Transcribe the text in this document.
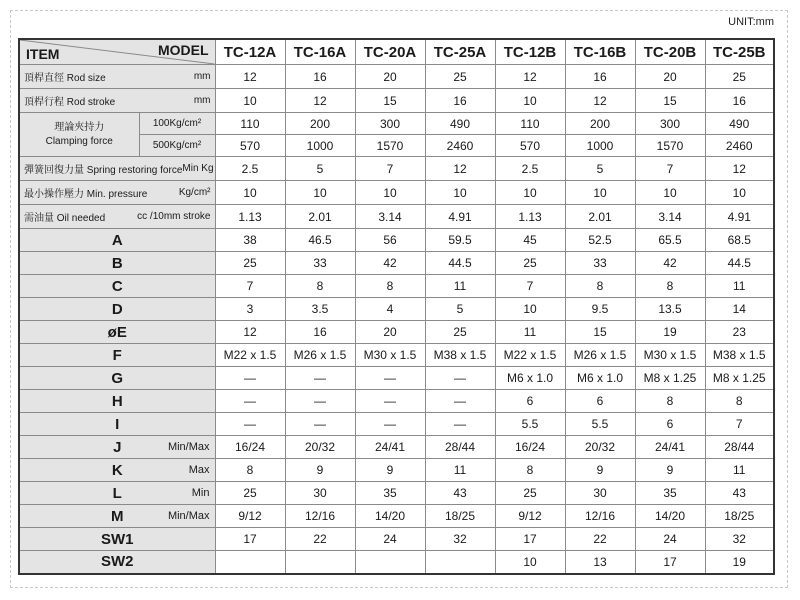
UNIT:mm
ITEM MODEL		TC-12A	TC-16A	TC-20A	TC-25A	TC-12B	TC-16B	TC-20B	TC-25B

頂桿直徑 Rod size mm		12	16	20	25	12	16	20	25

頂桿行程 Rod stroke mm		10	12	15	16	10	12	15	16

理論夾持力
Clamping force	100Kg/cm²	110	200	300	490	110	200	300	490
	500Kg/cm²	570	1000	1570	2460	570	1000	1570	2460

彈簧回復力量 Spring restoring force Min Kg		2.5	5	7	12	2.5	5	7	12

最小操作壓力 Min. pressure Kg/cm²		10	10	10	10	10	10	10	10

需油量 Oil needed cc /10mm stroke		1.13	2.01	3.14	4.91	1.13	2.01	3.14	4.91

A		38	46.5	56	59.5	45	52.5	65.5	68.5

B		25	33	42	44.5	25	33	42	44.5

C		7	8	8	11	7	8	8	11

D		3	3.5	4	5	10	9.5	13.5	14

øE		12	16	20	25	11	15	19	23

F		M22 x 1.5	M26 x 1.5	M30 x 1.5	M38 x 1.5	M22 x 1.5	M26 x 1.5	M30 x 1.5	M38 x 1.5

G		—	—	—	—	M6 x 1.0	M6 x 1.0	M8 x 1.25	M8 x 1.25

H		—	—	—	—	6	6	8	8

I		—	—	—	—	5.5	5.5	6	7

J Min/Max		16/24	20/32	24/41	28/44	16/24	20/32	24/41	28/44

K Max		8	9	9	11	8	9	9	11

L Min		25	30	35	43	25	30	35	43

M Min/Max		9/12	12/16	14/20	18/25	9/12	12/16	14/20	18/25

SW1		17	22	24	32	17	22	24	32

SW2						10	13	17	19
